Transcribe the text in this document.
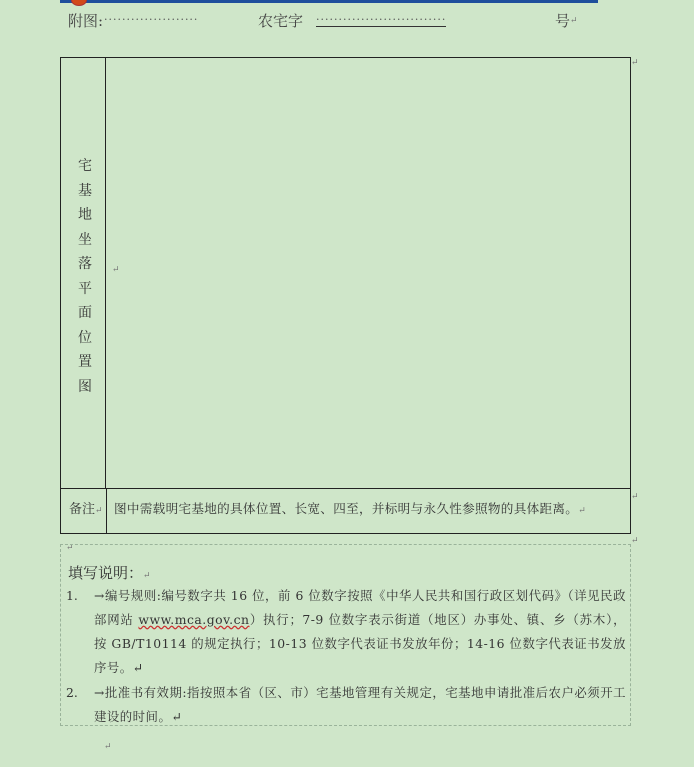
附图: ·····················	农宅字 ·····························	号 ↵
宅
基
地
坐
落
平
面
位
置
图
↵
备注↵ 图中需载明宅基地的具体位置、长宽、四至，并标明与永久性参照物的具体距离。↵
↵
↵
↵
↵
填写说明：↵
1.	→编号规则:编号数字共 16 位，前 6 位数字按照《中华人民共和国行政区划代码》（详见民政部网站 www.mca.gov.cn）执行；7-9 位数字表示街道（地区）办事处、镇、乡（苏木），按 GB/T10114 的规定执行；10-13 位数字代表证书发放年份；14-16 位数字代表证书发放序号。↵
2.	→批准书有效期:指按照本省（区、市）宅基地管理有关规定，宅基地申请批准后农户必须开工建设的时间。↵
↵
